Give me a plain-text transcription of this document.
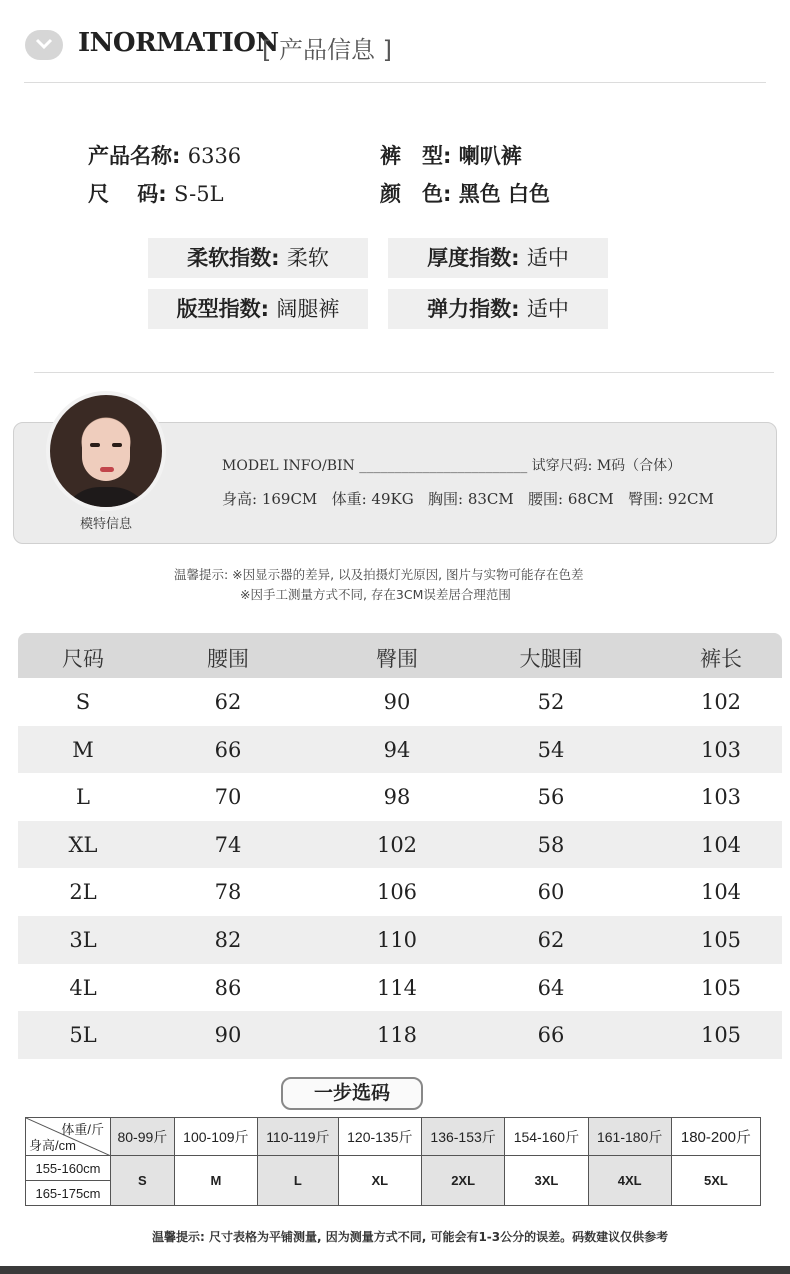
INORMATION
[ 产品信息 ]
产品名称: 6336	裤　型: 喇叭裤
尺　 码: S-5L	颜　色: 黑色 白色
柔软指数: 柔软	厚度指数: 适中
版型指数: 阔腿裤	弹力指数: 适中
模特信息
MODEL INFO/BIN ________________________ 试穿尺码: M码（合体）
身高: 169CM   体重: 49KG   胸围: 83CM   腰围: 68CM   臀围: 92CM
温馨提示: ※因显示器的差异, 以及拍摄灯光原因, 图片与实物可能存在色差
※因手工测量方式不同, 存在3CM误差居合理范围
尺码	腰围	臀围	大腿围	裤长
S	62	90	52	102
M	66	94	54	103
L	70	98	56	103
XL	74	102	58	104
2L	78	106	60	104
3L	82	110	62	105
4L	86	114	64	105
5L	90	118	66	105
一步选码
体重/斤
身高/cm	80-99斤	100-109斤	110-119斤	120-135斤	136-153斤	154-160斤	161-180斤	180-200斤
155-160cm	S	M	L	XL	2XL	3XL	4XL	5XL
165-175cm								
温馨提示: 尺寸表格为平铺测量, 因为测量方式不同, 可能会有1-3公分的误差。码数建议仅供参考
